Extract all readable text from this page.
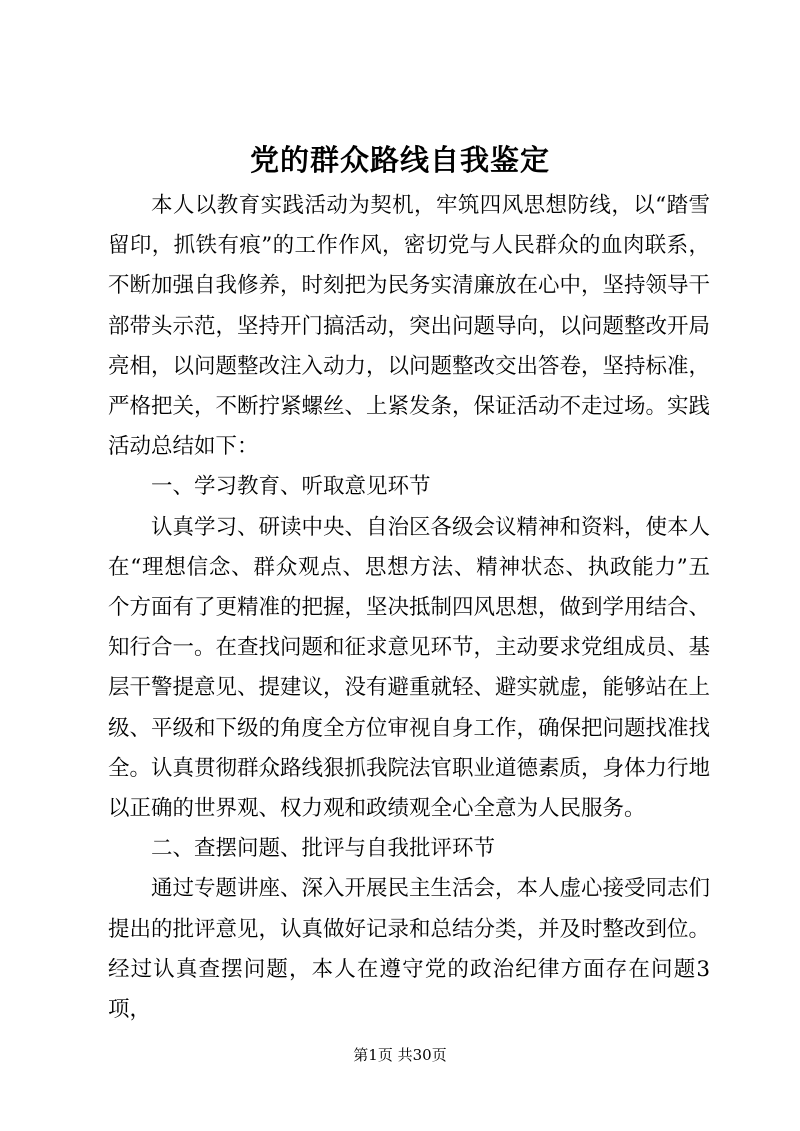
党的群众路线自我鉴定

本人以教育实践活动为契机，牢筑四风思想防线，以“踏雪留印，抓铁有痕”的工作作风，密切党与人民群众的血肉联系，不断加强自我修养，时刻把为民务实清廉放在心中，坚持领导干部带头示范，坚持开门搞活动，突出问题导向，以问题整改开局亮相，以问题整改注入动力，以问题整改交出答卷，坚持标准，严格把关，不断拧紧螺丝、上紧发条，保证活动不走过场。实践活动总结如下：

一、学习教育、听取意见环节

认真学习、研读中央、自治区各级会议精神和资料，使本人在“理想信念、群众观点、思想方法、精神状态、执政能力”五个方面有了更精准的把握，坚决抵制四风思想，做到学用结合、知行合一。在查找问题和征求意见环节，主动要求党组成员、基层干警提意见、提建议，没有避重就轻、避实就虚，能够站在上级、平级和下级的角度全方位审视自身工作，确保把问题找准找全。认真贯彻群众路线狠抓我院法官职业道德素质，身体力行地以正确的世界观、权力观和政绩观全心全意为人民服务。

二、查摆问题、批评与自我批评环节

通过专题讲座、深入开展民主生活会，本人虚心接受同志们提出的批评意见，认真做好记录和总结分类，并及时整改到位。经过认真查摆问题，本人在遵守党的政治纪律方面存在问题3项，

第1页 共30页
